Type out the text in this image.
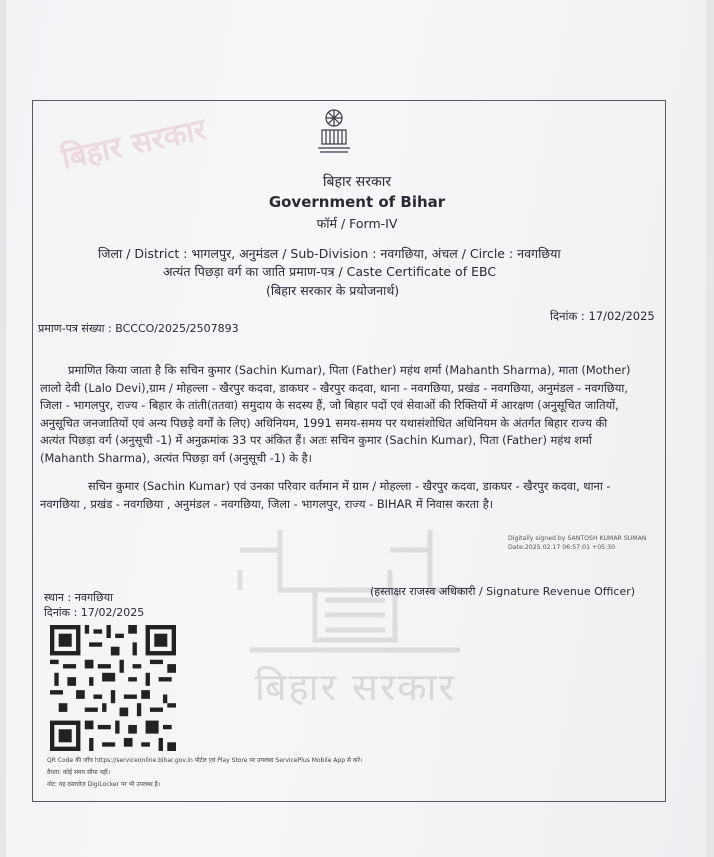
बिहार सरकार
बिहार सरकार
बिहार सरकार
Government of Bihar
फॉर्म / Form-IV
जिला / District : भागलपुर, अनुमंडल / Sub-Division : नवगछिया, अंचल / Circle : नवगछिया
अत्यंत पिछड़ा वर्ग का जाति प्रमाण-पत्र / Caste Certificate of EBC
(बिहार सरकार के प्रयोजनार्थ)
दिनांक : 17/02/2025
प्रमाण-पत्र संख्या : BCCCO/2025/2507893
प्रमाणित किया जाता है कि सचिन कुमार (Sachin Kumar), पिता (Father) महंथ शर्मा (Mahanth Sharma), माता (Mother)
लालो देवी (Lalo Devi),ग्राम / मोहल्ला - खैरपुर कदवा, डाकघर - खैरपुर कदवा, थाना - नवगछिया, प्रखंड - नवगछिया, अनुमंडल - नवगछिया,
जिला - भागलपुर, राज्य - बिहार के तांती(ततवा) समुदाय के सदस्य हैं, जो बिहार पदों एवं सेवाओं की रिक्तियों में आरक्षण (अनुसूचित जातियों,
अनुसूचित जनजातियों एवं अन्य पिछड़े वर्गों के लिए) अधिनियम, 1991 समय-समय पर यथासंशोधित अधिनियम के अंतर्गत बिहार राज्य की
अत्यंत पिछड़ा वर्ग (अनुसूची -1) में अनुक्रमांक 33 पर अंकित हैं। अतः सचिन कुमार (Sachin Kumar), पिता (Father) महंथ शर्मा
(Mahanth Sharma), अत्यंत पिछड़ा वर्ग (अनुसूची -1) के है।
सचिन कुमार (Sachin Kumar) एवं उनका परिवार वर्तमान में ग्राम / मोहल्ला - खैरपुर कदवा, डाकघर - खैरपुर कदवा, थाना -
नवगछिया , प्रखंड - नवगछिया , अनुमंडल - नवगछिया, जिला - भागलपुर, राज्य - BIHAR में निवास करता है।
Digitally signed by SANTOSH KUMAR SUMAN
Date:2025.02.17 06:57:01 +05:30
स्थान : नवगछिया
दिनांक : 17/02/2025
(हस्ताक्षर राजस्व अधिकारी / Signature Revenue Officer)
QR Code की जाँच https://serviceonline.bihar.gov.in पोर्टल एवं Play Store पर उपलब्ध ServicePlus Mobile App से करें।
वैधता: कोई समय सीमा नहीं।
नोट: यह दस्तावेज़ DigiLocker पर भी उपलब्ध है।
